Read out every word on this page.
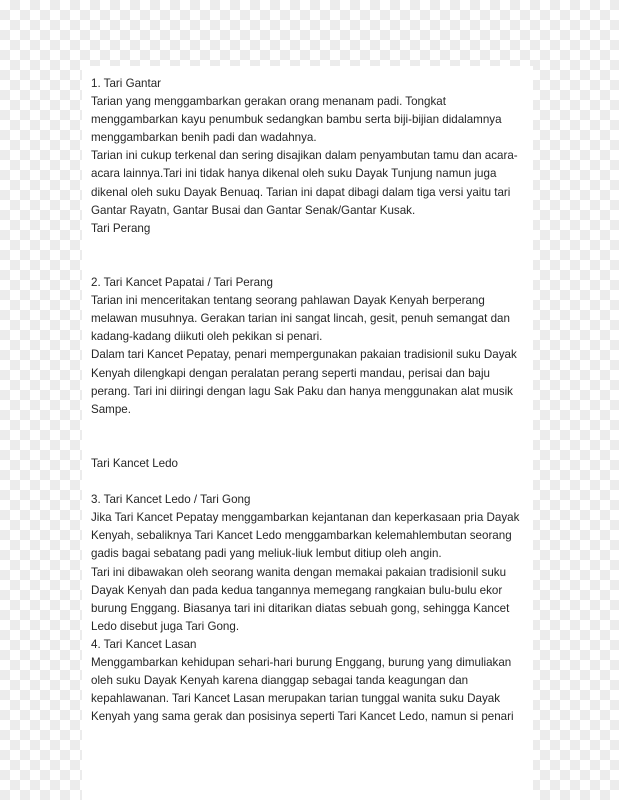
1. Tari Gantar

Tarian yang menggambarkan gerakan orang menanam padi. Tongkat
menggambarkan kayu penumbuk sedangkan bambu serta biji-bijian didalamnya
menggambarkan benih padi dan wadahnya.

Tarian ini cukup terkenal dan sering disajikan dalam penyambutan tamu dan acara-
acara lainnya.Tari ini tidak hanya dikenal oleh suku Dayak Tunjung namun juga
dikenal oleh suku Dayak Benuaq. Tarian ini dapat dibagi dalam tiga versi yaitu tari
Gantar Rayatn, Gantar Busai dan Gantar Senak/Gantar Kusak.

Tari Perang

2. Tari Kancet Papatai / Tari Perang

Tarian ini menceritakan tentang seorang pahlawan Dayak Kenyah berperang
melawan musuhnya. Gerakan tarian ini sangat lincah, gesit, penuh semangat dan
kadang-kadang diikuti oleh pekikan si penari.

Dalam tari Kancet Pepatay, penari mempergunakan pakaian tradisionil suku Dayak
Kenyah dilengkapi dengan peralatan perang seperti mandau, perisai dan baju
perang. Tari ini diiringi dengan lagu Sak Paku dan hanya menggunakan alat musik
Sampe.

Tari Kancet Ledo

3. Tari Kancet Ledo / Tari Gong

Jika Tari Kancet Pepatay menggambarkan kejantanan dan keperkasaan pria Dayak
Kenyah, sebaliknya Tari Kancet Ledo menggambarkan kelemahlembutan seorang
gadis bagai sebatang padi yang meliuk-liuk lembut ditiup oleh angin.

Tari ini dibawakan oleh seorang wanita dengan memakai pakaian tradisionil suku
Dayak Kenyah dan pada kedua tangannya memegang rangkaian bulu-bulu ekor
burung Enggang. Biasanya tari ini ditarikan diatas sebuah gong, sehingga Kancet
Ledo disebut juga Tari Gong.

4. Tari Kancet Lasan

Menggambarkan kehidupan sehari-hari burung Enggang, burung yang dimuliakan
oleh suku Dayak Kenyah karena dianggap sebagai tanda keagungan dan
kepahlawanan. Tari Kancet Lasan merupakan tarian tunggal wanita suku Dayak
Kenyah yang sama gerak dan posisinya seperti Tari Kancet Ledo, namun si penari
